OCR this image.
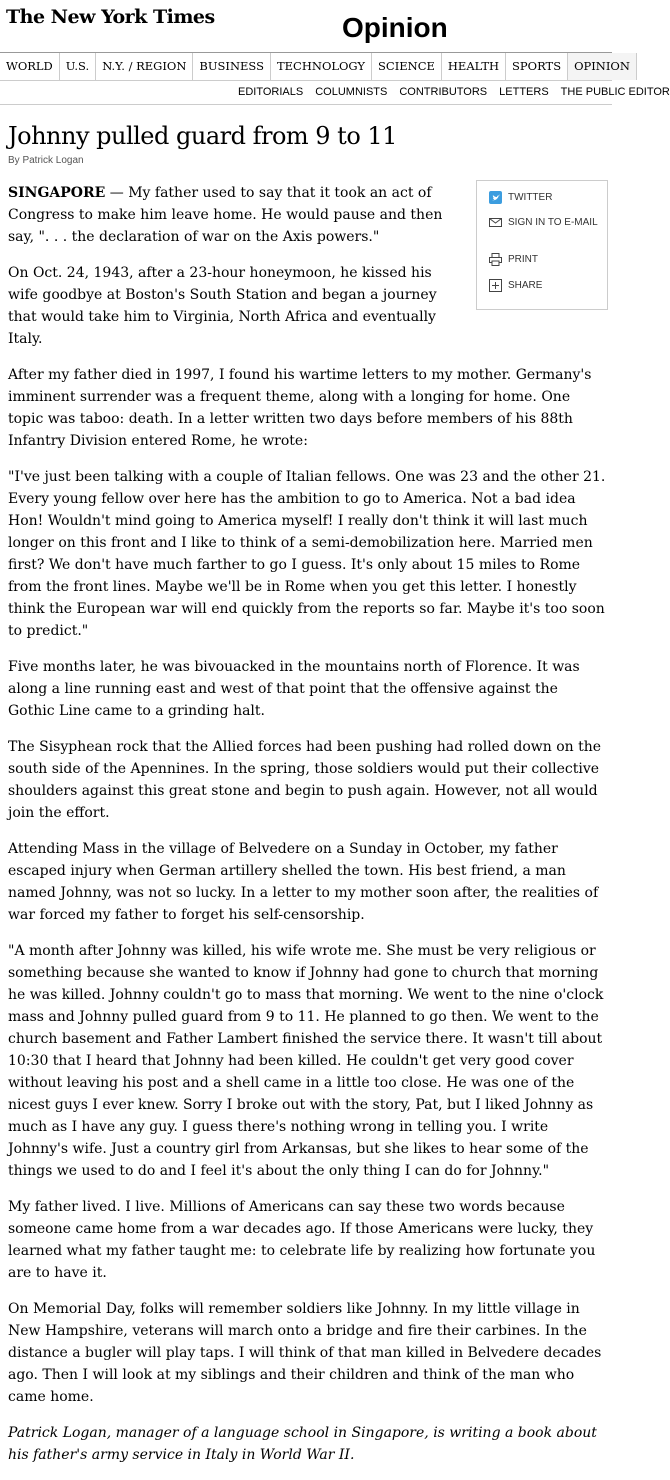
The New York Times	Opinion
WORLD	U.S.	N.Y. / REGION	BUSINESS	TECHNOLOGY	SCIENCE	HEALTH	SPORTS	OPINION
EDITORIALS COLUMNISTS CONTRIBUTORS LETTERS THE PUBLIC EDITOR
Johnny pulled guard from 9 to 11
By Patrick Logan
TWITTER
SIGN IN TO E-MAIL
PRINT
SHARE

SINGAPORE — My father used to say that it took an act of Congress to make him leave home. He would pause and then say, ". . . the declaration of war on the Axis powers."

On Oct. 24, 1943, after a 23-hour honeymoon, he kissed his wife goodbye at Boston's South Station and began a journey that would take him to Virginia, North Africa and eventually Italy.

After my father died in 1997, I found his wartime letters to my mother. Germany's imminent surrender was a frequent theme, along with a longing for home. One topic was taboo: death. In a letter written two days before members of his 88th Infantry Division entered Rome, he wrote:

"I've just been talking with a couple of Italian fellows. One was 23 and the other 21. Every young fellow over here has the ambition to go to America. Not a bad idea Hon! Wouldn't mind going to America myself! I really don't think it will last much longer on this front and I like to think of a semi-demobilization here. Married men first? We don't have much farther to go I guess. It's only about 15 miles to Rome from the front lines. Maybe we'll be in Rome when you get this letter. I honestly think the European war will end quickly from the reports so far. Maybe it's too soon to predict."

Five months later, he was bivouacked in the mountains north of Florence. It was along a line running east and west of that point that the offensive against the Gothic Line came to a grinding halt.

The Sisyphean rock that the Allied forces had been pushing had rolled down on the south side of the Apennines. In the spring, those soldiers would put their collective shoulders against this great stone and begin to push again. However, not all would join the effort.

Attending Mass in the village of Belvedere on a Sunday in October, my father escaped injury when German artillery shelled the town. His best friend, a man named Johnny, was not so lucky. In a letter to my mother soon after, the realities of war forced my father to forget his self-censorship.

"A month after Johnny was killed, his wife wrote me. She must be very religious or something because she wanted to know if Johnny had gone to church that morning he was killed. Johnny couldn't go to mass that morning. We went to the nine o'clock mass and Johnny pulled guard from 9 to 11. He planned to go then. We went to the church basement and Father Lambert finished the service there. It wasn't till about 10:30 that I heard that Johnny had been killed. He couldn't get very good cover without leaving his post and a shell came in a little too close. He was one of the nicest guys I ever knew. Sorry I broke out with the story, Pat, but I liked Johnny as much as I have any guy. I guess there's nothing wrong in telling you. I write Johnny's wife. Just a country girl from Arkansas, but she likes to hear some of the things we used to do and I feel it's about the only thing I can do for Johnny."

My father lived. I live. Millions of Americans can say these two words because someone came home from a war decades ago. If those Americans were lucky, they learned what my father taught me: to celebrate life by realizing how fortunate you are to have it.

On Memorial Day, folks will remember soldiers like Johnny. In my little village in New Hampshire, veterans will march onto a bridge and fire their carbines. In the distance a bugler will play taps. I will think of that man killed in Belvedere decades ago. Then I will look at my siblings and their children and think of the man who came home.

Patrick Logan, manager of a language school in Singapore, is writing a book about his father's army service in Italy in World War II.
